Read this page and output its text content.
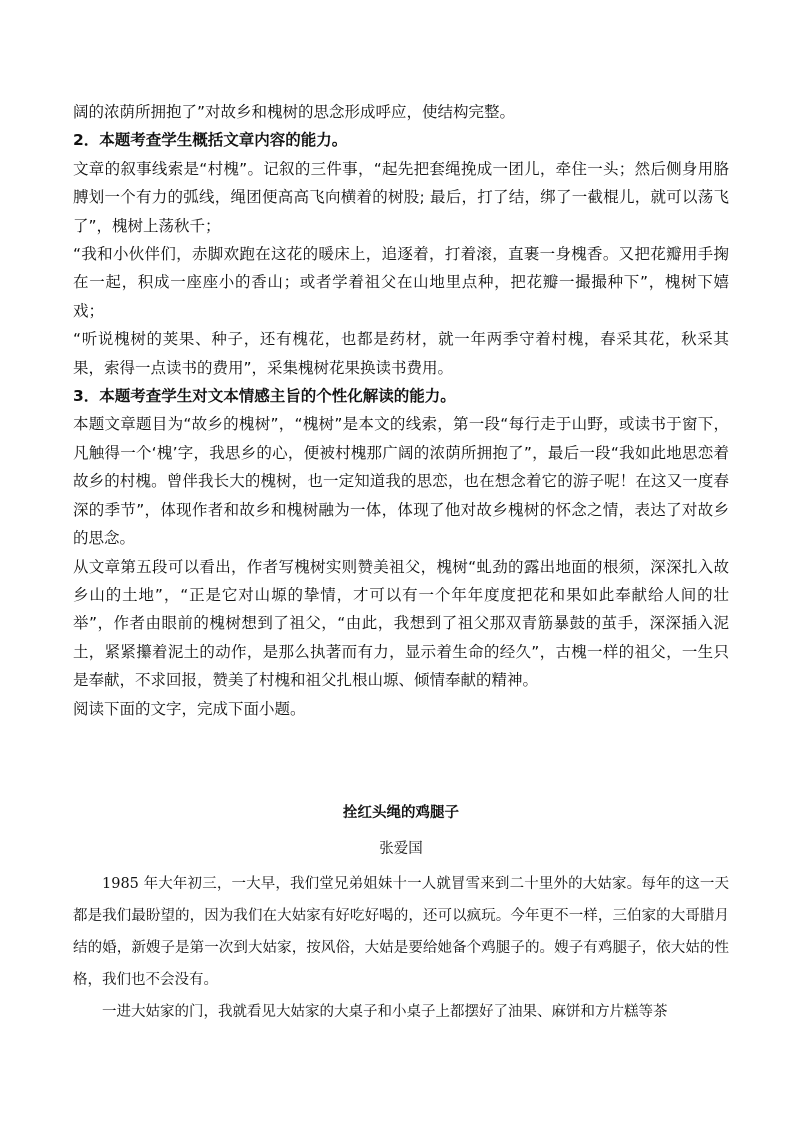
阔的浓荫所拥抱了”对故乡和槐树的思念形成呼应，使结构完整。

2．本题考查学生概括文章内容的能力。

文章的叙事线索是“村槐”。记叙的三件事，“起先把套绳挽成一团儿，牵住一头；然后侧身用胳膊划一个有力的弧线，绳团便高高飞向横着的树股; 最后，打了结，绑了一截棍儿，就可以荡飞了”，槐树上荡秋千；

“我和小伙伴们，赤脚欢跑在这花的暖床上，追逐着，打着滚，直裹一身槐香。又把花瓣用手掬在一起，积成一座座小的香山；或者学着祖父在山地里点种，把花瓣一撮撮种下”，槐树下嬉戏；

“听说槐树的荚果、种子，还有槐花，也都是药材，就一年两季守着村槐，春采其花，秋采其果，索得一点读书的费用”，采集槐树花果换读书费用。

3．本题考查学生对文本情感主旨的个性化解读的能力。

本题文章题目为“故乡的槐树”，“槐树”是本文的线索，第一段“每行走于山野，或读书于窗下，凡触得一个‘槐’字，我思乡的心，便被村槐那广阔的浓荫所拥抱了”，最后一段“我如此地思恋着故乡的村槐。曾伴我长大的槐树，也一定知道我的思恋，也在想念着它的游子呢！在这又一度春深的季节”，体现作者和故乡和槐树融为一体，体现了他对故乡槐树的怀念之情，表达了对故乡的思念。

从文章第五段可以看出，作者写槐树实则赞美祖父，槐树“虬劲的露出地面的根须，深深扎入故乡山的土地”，“正是它对山塬的挚情，才可以有一个年年度度把花和果如此奉献给人间的壮举”，作者由眼前的槐树想到了祖父，“由此，我想到了祖父那双青筋暴鼓的茧手，深深插入泥土，紧紧攥着泥土的动作，是那么执著而有力，显示着生命的经久”，古槐一样的祖父，一生只是奉献，不求回报，赞美了村槐和祖父扎根山塬、倾情奉献的精神。

阅读下面的文字，完成下面小题。

拴红头绳的鸡腿子

张爱国

1985 年大年初三，一大早，我们堂兄弟姐妹十一人就冒雪来到二十里外的大姑家。每年的这一天都是我们最盼望的，因为我们在大姑家有好吃好喝的，还可以疯玩。今年更不一样，三伯家的大哥腊月结的婚，新嫂子是第一次到大姑家，按风俗，大姑是要给她备个鸡腿子的。嫂子有鸡腿子，依大姑的性格，我们也不会没有。

一进大姑家的门，我就看见大姑家的大桌子和小桌子上都摆好了油果、麻饼和方片糕等茶
